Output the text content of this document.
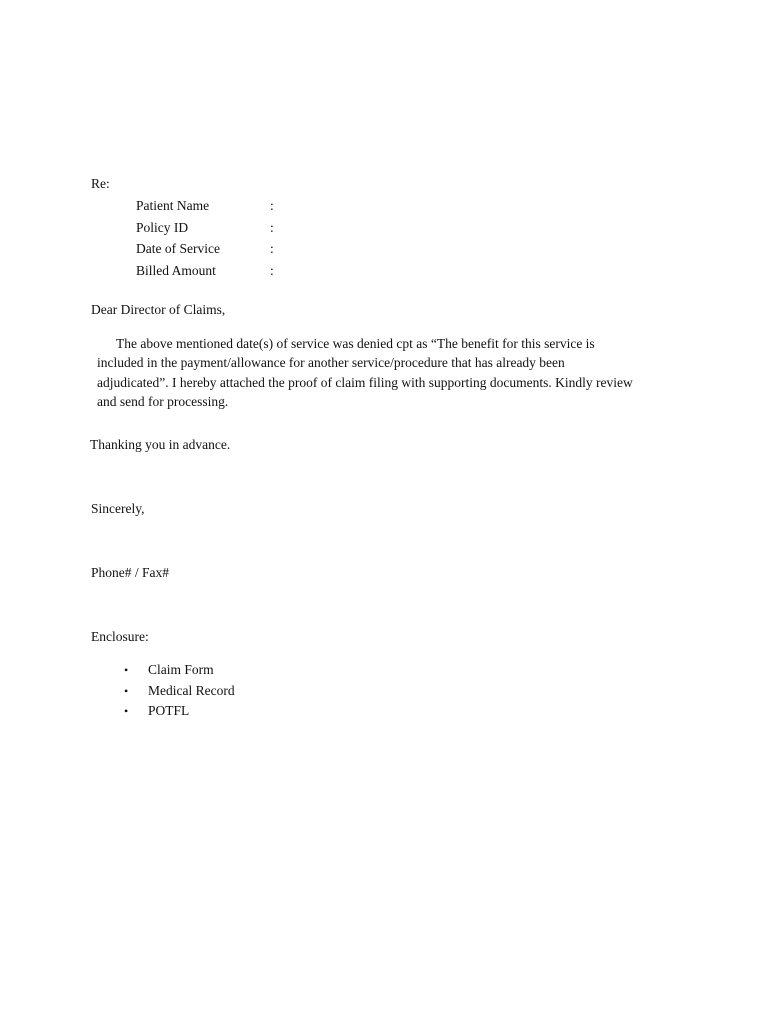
Re:
Patient Name	:
Policy ID	:
Date of Service	:
Billed Amount	:
Dear Director of Claims,
The above mentioned date(s) of service was denied cpt as “The benefit for this service is
included in the payment/allowance for another service/procedure that has already been
adjudicated”. I hereby attached the proof of claim filing with supporting documents. Kindly review
and send for processing.
Thanking you in advance.
Sincerely,
Phone# / Fax#
Enclosure:
• Claim Form
• Medical Record
• POTFL
